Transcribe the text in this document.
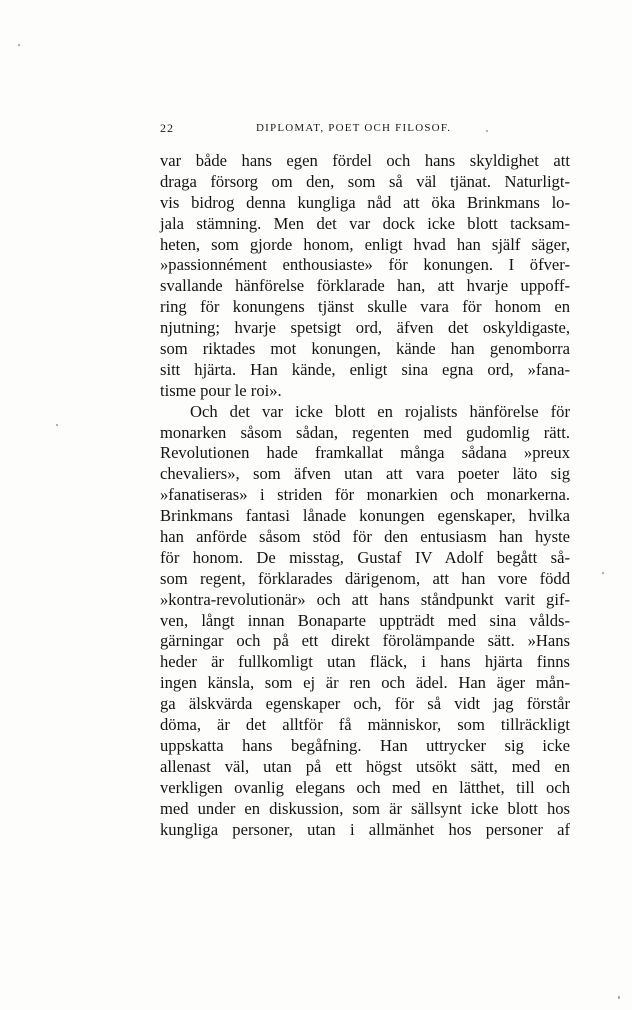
22	DIPLOMAT, POET OCH FILOSOF.
var både hans egen fördel och hans skyldighet att
draga försorg om den, som så väl tjänat. Naturligt-
vis bidrog denna kungliga nåd att öka Brinkmans lo-
jala stämning. Men det var dock icke blott tacksam-
heten, som gjorde honom, enligt hvad han själf säger,
»passionnément enthousiaste» för konungen. I öfver-
svallande hänförelse förklarade han, att hvarje uppoff-
ring för konungens tjänst skulle vara för honom en
njutning; hvarje spetsigt ord, äfven det oskyldigaste,
som riktades mot konungen, kände han genomborra
sitt hjärta. Han kände, enligt sina egna ord, »fana-
tisme pour le roi».
Och det var icke blott en rojalists hänförelse för
monarken såsom sådan, regenten med gudomlig rätt.
Revolutionen hade framkallat många sådana »preux
chevaliers», som äfven utan att vara poeter läto sig
»fanatiseras» i striden för monarkien och monarkerna.
Brinkmans fantasi lånade konungen egenskaper, hvilka
han anförde såsom stöd för den entusiasm han hyste
för honom. De misstag, Gustaf IV Adolf begått så-
som regent, förklarades därigenom, att han vore född
»kontra-revolutionär» och att hans ståndpunkt varit gif-
ven, långt innan Bonaparte uppträdt med sina vålds-
gärningar och på ett direkt förolämpande sätt. »Hans
heder är fullkomligt utan fläck, i hans hjärta finns
ingen känsla, som ej är ren och ädel. Han äger mån-
ga älskvärda egenskaper och, för så vidt jag förstår
döma, är det alltför få människor, som tillräckligt
uppskatta hans begåfning. Han uttrycker sig icke
allenast väl, utan på ett högst utsökt sätt, med en
verkligen ovanlig elegans och med en lätthet, till och
med under en diskussion, som är sällsynt icke blott hos
kungliga personer, utan i allmänhet hos personer af
